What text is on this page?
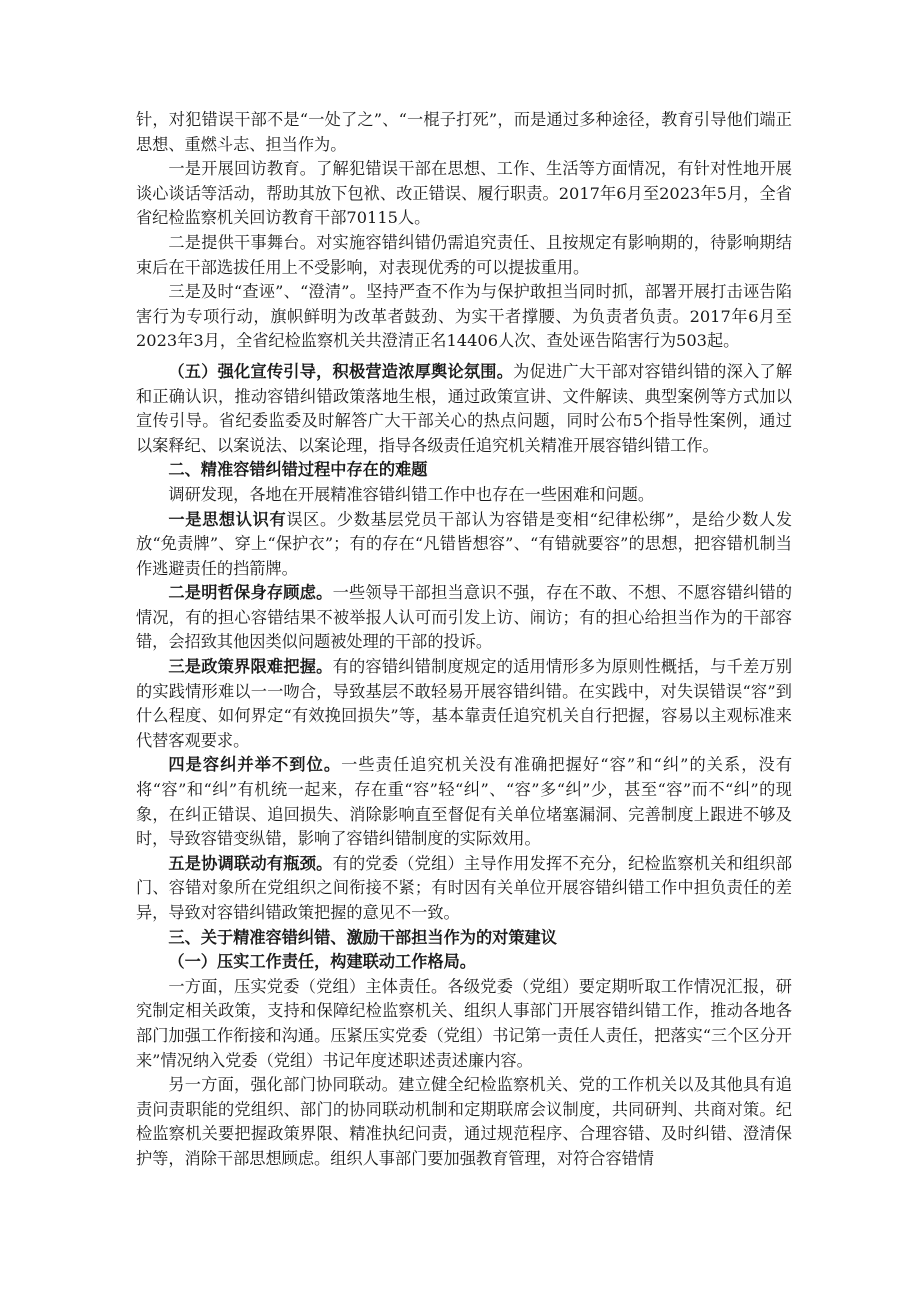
针，对犯错误干部不是“一处了之”、“一棍子打死”，而是通过多种途径，教育引导他们端正思想、重燃斗志、担当作为。

一是开展回访教育。了解犯错误干部在思想、工作、生活等方面情况，有针对性地开展谈心谈话等活动，帮助其放下包袱、改正错误、履行职责。2017年6月至2023年5月，全省省纪检监察机关回访教育干部70115人。

二是提供干事舞台。对实施容错纠错仍需追究责任、且按规定有影响期的，待影响期结束后在干部选拔任用上不受影响，对表现优秀的可以提拔重用。

三是及时“查诬”、“澄清”。坚持严查不作为与保护敢担当同时抓，部署开展打击诬告陷害行为专项行动，旗帜鲜明为改革者鼓劲、为实干者撑腰、为负责者负责。2017年6月至2023年3月，全省纪检监察机关共澄清正名14406人次、查处诬告陷害行为503起。

（五）强化宣传引导，积极营造浓厚舆论氛围。为促进广大干部对容错纠错的深入了解和正确认识，推动容错纠错政策落地生根，通过政策宣讲、文件解读、典型案例等方式加以宣传引导。省纪委监委及时解答广大干部关心的热点问题，同时公布5个指导性案例，通过以案释纪、以案说法、以案论理，指导各级责任追究机关精准开展容错纠错工作。

二、精准容错纠错过程中存在的难题

调研发现，各地在开展精准容错纠错工作中也存在一些困难和问题。

一是思想认识有误区。少数基层党员干部认为容错是变相“纪律松绑”，是给少数人发放“免责牌”、穿上“保护衣”；有的存在“凡错皆想容”、“有错就要容”的思想，把容错机制当作逃避责任的挡箭牌。

二是明哲保身存顾虑。一些领导干部担当意识不强，存在不敢、不想、不愿容错纠错的情况，有的担心容错结果不被举报人认可而引发上访、闹访；有的担心给担当作为的干部容错，会招致其他因类似问题被处理的干部的投诉。

三是政策界限难把握。有的容错纠错制度规定的适用情形多为原则性概括，与千差万别的实践情形难以一一吻合，导致基层不敢轻易开展容错纠错。在实践中，对失误错误“容”到什么程度、如何界定“有效挽回损失”等，基本靠责任追究机关自行把握，容易以主观标准来代替客观要求。

四是容纠并举不到位。一些责任追究机关没有准确把握好“容”和“纠”的关系，没有将“容”和“纠”有机统一起来，存在重“容”轻“纠”、“容”多“纠”少，甚至“容”而不“纠”的现象，在纠正错误、追回损失、消除影响直至督促有关单位堵塞漏洞、完善制度上跟进不够及时，导致容错变纵错，影响了容错纠错制度的实际效用。

五是协调联动有瓶颈。有的党委（党组）主导作用发挥不充分，纪检监察机关和组织部门、容错对象所在党组织之间衔接不紧；有时因有关单位开展容错纠错工作中担负责任的差异，导致对容错纠错政策把握的意见不一致。

三、关于精准容错纠错、激励干部担当作为的对策建议

（一）压实工作责任，构建联动工作格局。

一方面，压实党委（党组）主体责任。各级党委（党组）要定期听取工作情况汇报，研究制定相关政策，支持和保障纪检监察机关、组织人事部门开展容错纠错工作，推动各地各部门加强工作衔接和沟通。压紧压实党委（党组）书记第一责任人责任，把落实“三个区分开来”情况纳入党委（党组）书记年度述职述责述廉内容。

另一方面，强化部门协同联动。建立健全纪检监察机关、党的工作机关以及其他具有追责问责职能的党组织、部门的协同联动机制和定期联席会议制度，共同研判、共商对策。纪检监察机关要把握政策界限、精准执纪问责，通过规范程序、合理容错、及时纠错、澄清保护等，消除干部思想顾虑。组织人事部门要加强教育管理，对符合容错情
